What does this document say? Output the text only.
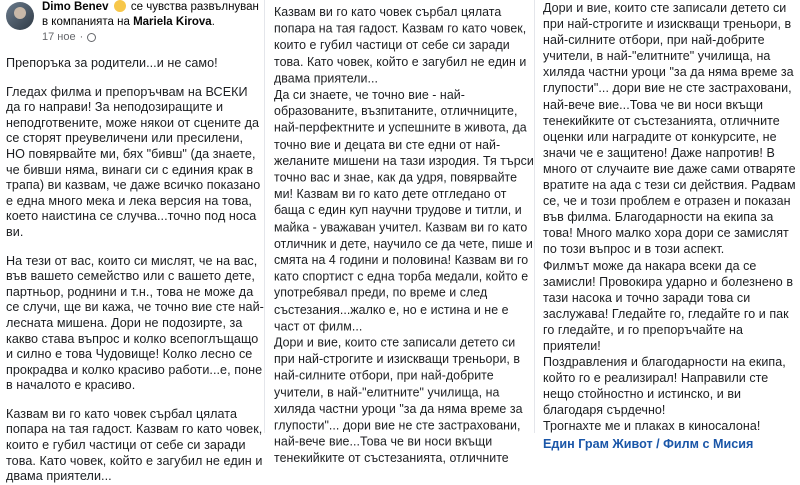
Dimo Benev  се чувства развълнуван в компанията на Mariela Kirova.
17 ное ·

Препоръка за родители...и не само!

Гледах филма и препоръчвам на ВСЕКИ да го направи! За неподозиращите и неподготвените, може някои от сцените да се сторят преувеличени или пресилени, НО повярвайте ми, бях "бивш" (да знаете, че бивши няма, винаги си с единия крак в трапа) ви казвам, че даже всичко показано е една много мека и лека версия на това, което наистина се случва...точно под носа ви.

На тези от вас, които си мислят, че на вас, във вашето семейство или с вашето дете, партньор, роднини и т.н., това не може да се случи, ще ви кажа, че точно вие сте най-лесната мишена. Дори не подозирте, за какво става въпрос и колко всепоглъщащо и силно е това Чудовище! Колко лесно се прокрадва и колко красиво работи...е, поне в началото е красиво.

Казвам ви го като човек сърбал цялата попара на тая гадост. Казвам го като човек, които е губил частици от себе си заради това. Като човек, който е загубил не един и двама приятели...

Казвам ви го като човек сърбал цялата попара на тая гадост. Казвам го като човек, които е губил частици от себе си заради това. Като човек, който е загубил не един и двама приятели...

Да си знаете, че точно вие - най-образованите, възпитаните, отличниците, най-перфектните и успешните в живота, да точно вие и децата ви сте едни от най-желаните мишени на тази изродия. Тя търси точно вас и знае, как да удря, повярвайте ми! Казвам ви го като дете отгледано от баща с един куп научни трудове и титли, и майка - уважаван учител. Казвам ви го като отличник и дете, научило се да чете, пише и смята на 4 години и половина! Казвам ви го като спортист с една торба медали, който е употребявал преди, по време и след състезания...жалко е, но е истина и не е част от филм...

Дори и вие, които сте записали детето си при най-строгите и изискващи треньори, в най-силните отбори, при най-добрите учители, в най-"елитните" училища, на хиляда частни уроци "за да няма време за глупости"... дори вие не сте застраховани, най-вече вие...Това че ви носи вкъщи тенекийките от състезанията, отличните

Дори и вие, които сте записали детето си при най-строгите и изискващи треньори, в най-силните отбори, при най-добрите учители, в най-"елитните" училища, на хиляда частни уроци "за да няма време за глупости"... дори вие не сте застраховани, най-вече вие...Това че ви носи вкъщи тенекийките от състезанията, отличните оценки или наградите от конкурсите, не значи че е защитено! Даже напротив! В много от случаите вие даже сами отваряте вратите на ада с тези си действия. Радвам се, че и този проблем е отразен и показан във филма. Благодарности на екипа за това! Много малко хора дори се замислят по този въпрос и в този аспект.

Филмът може да накара всеки да се замисли! Провокира ударно и болезнено в тази насока и точно заради това си заслужава! Гледайте го, гледайте го и пак го гледайте, и го препоръчайте на приятели!

Поздравления и благодарности на екипа, който го е реализирал! Направили сте нещо стойностно и истинско, и ви благодаря сърдечно!

Трогнахте ме и плаках в киносалона!

Един Грам Живот / Филм с Мисия
